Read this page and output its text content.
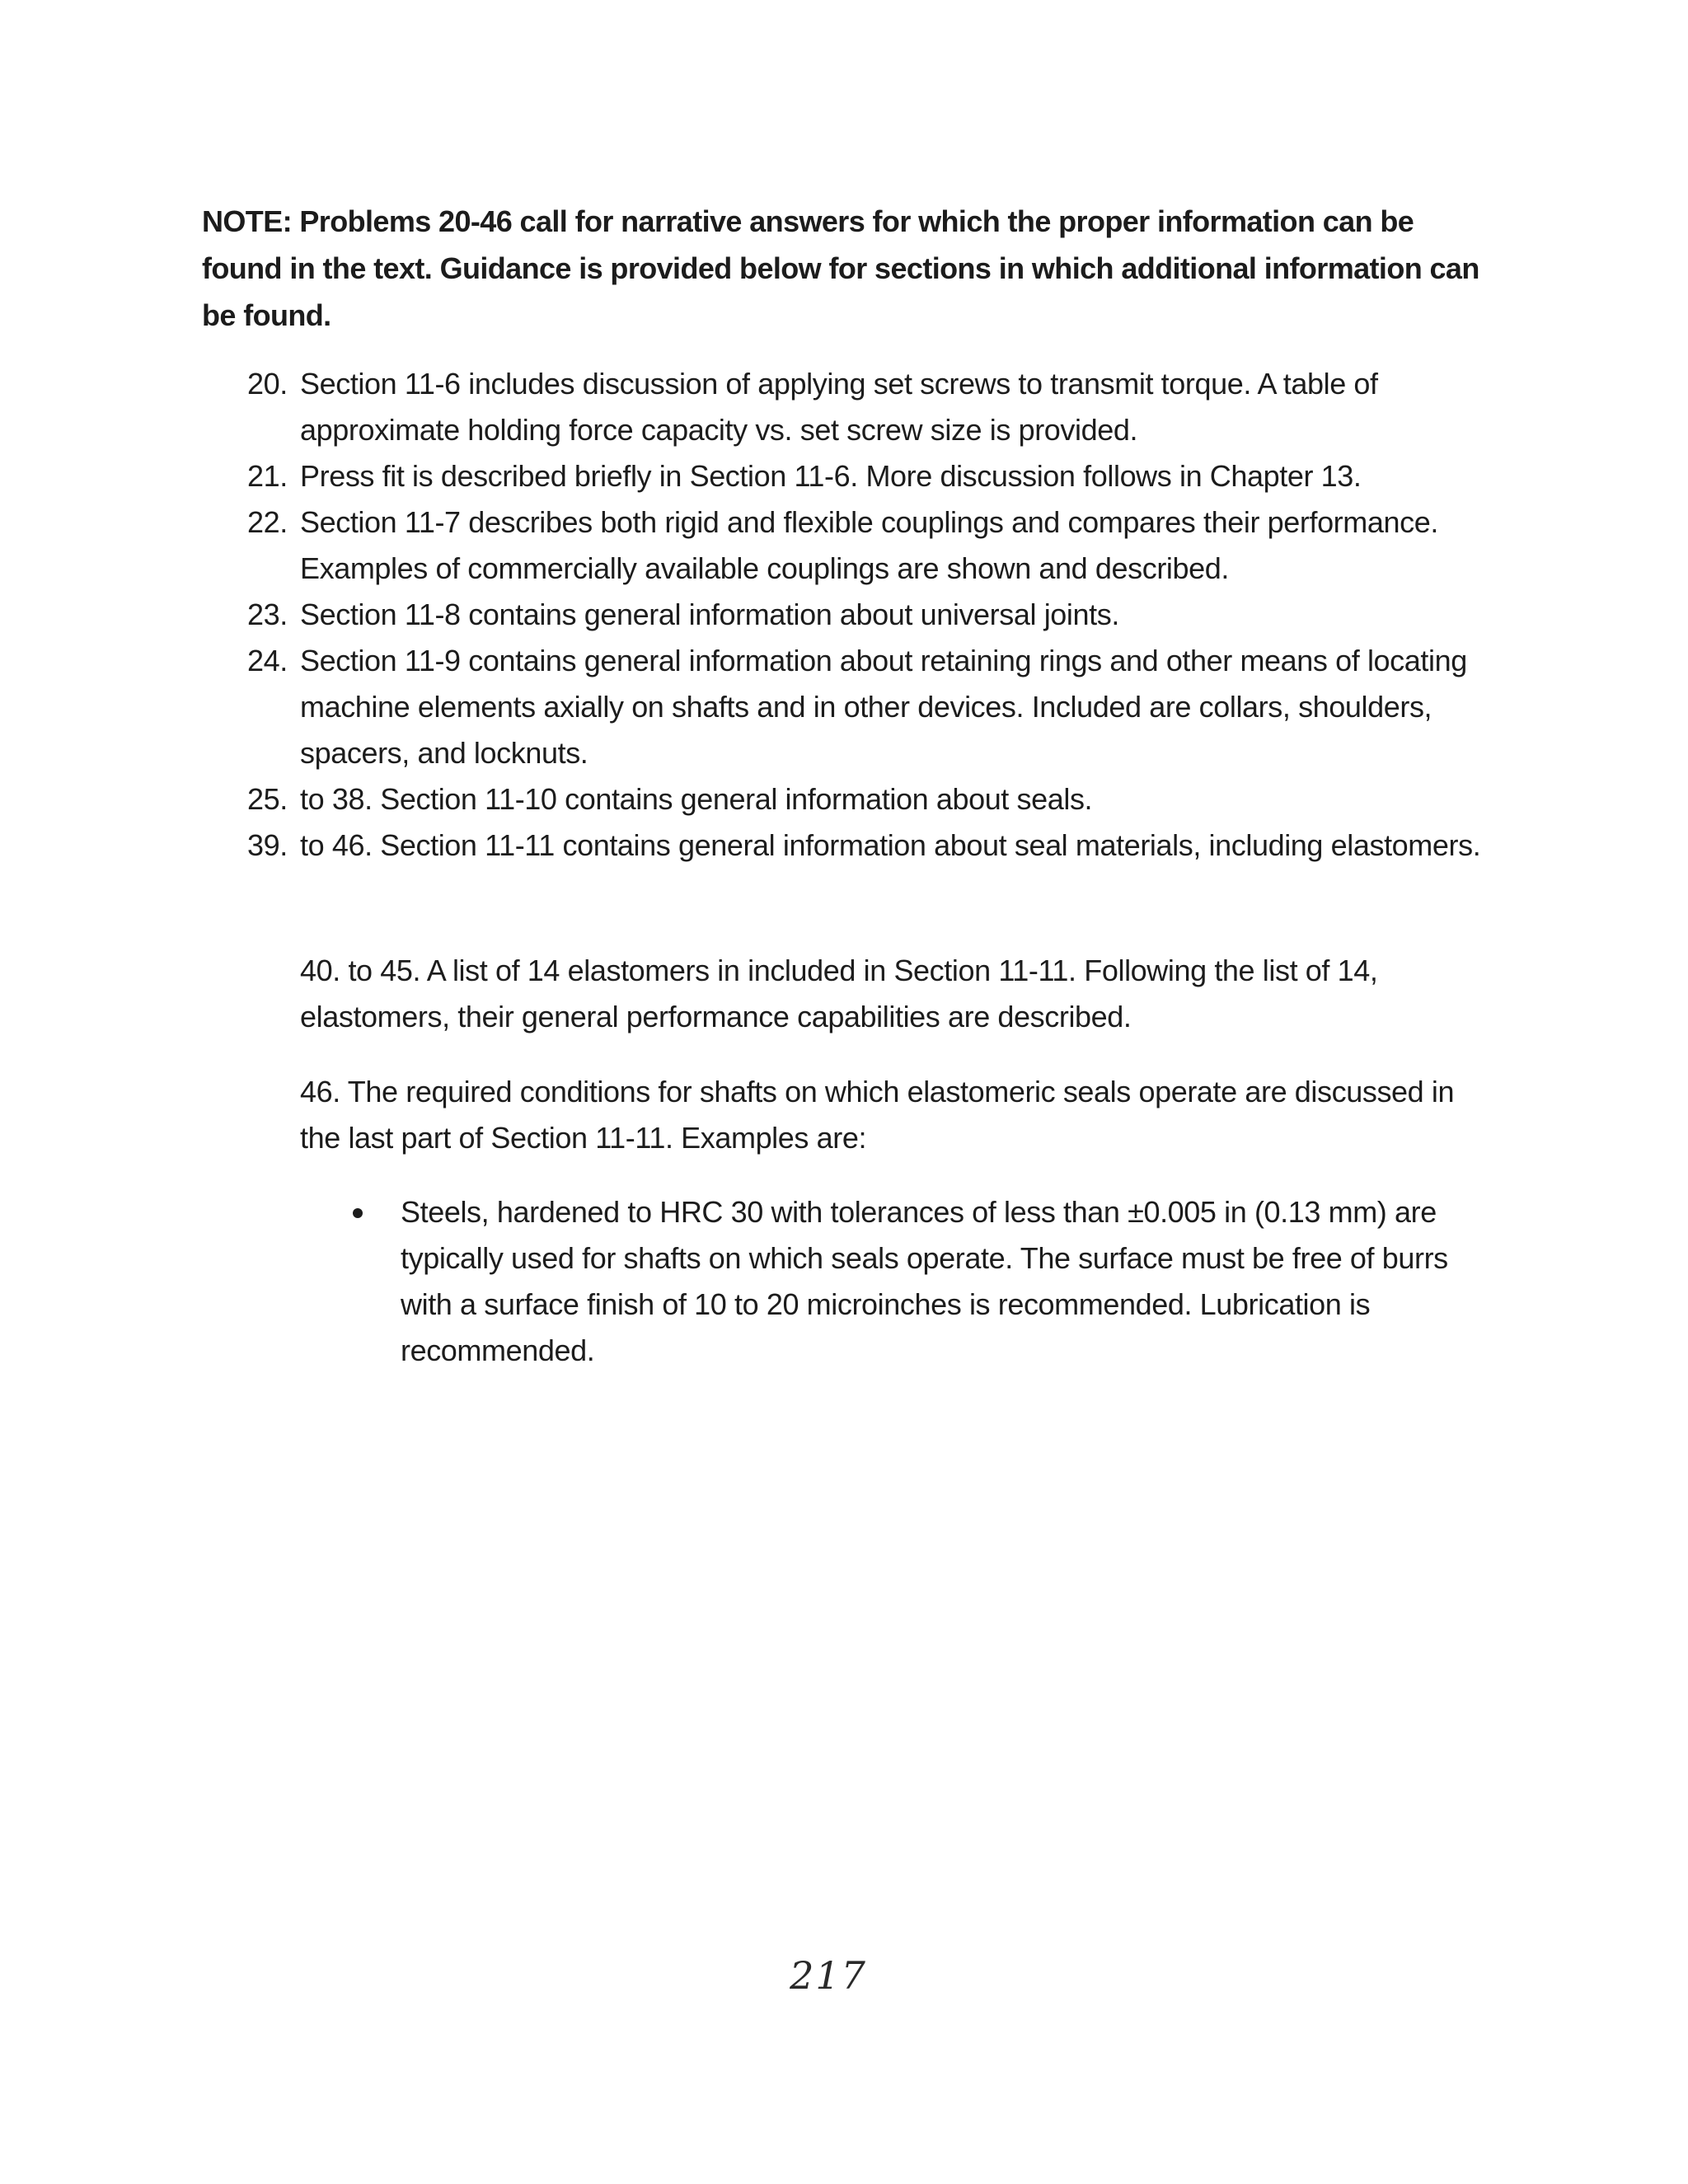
NOTE: Problems 20-46 call for narrative answers for which the proper information can be found in the text. Guidance is provided below for sections in which additional information can be found.

20. Section 11-6 includes discussion of applying set screws to transmit torque. A table of approximate holding force capacity vs. set screw size is provided.
21. Press fit is described briefly in Section 11-6. More discussion follows in Chapter 13.
22. Section 11-7 describes both rigid and flexible couplings and compares their performance. Examples of commercially available couplings are shown and described.
23. Section 11-8 contains general information about universal joints.
24. Section 11-9 contains general information about retaining rings and other means of locating machine elements axially on shafts and in other devices. Included are collars, shoulders, spacers, and locknuts.
25. to 38. Section 11-10 contains general information about seals.
39. to 46. Section 11-11 contains general information about seal materials, including elastomers.

40. to 45. A list of 14 elastomers in included in Section 11-11. Following the list of 14, elastomers, their general performance capabilities are described.

46. The required conditions for shafts on which elastomeric seals operate are discussed in the last part of Section 11-11. Examples are:

Steels, hardened to HRC 30 with tolerances of less than ±0.005 in (0.13 mm) are typically used for shafts on which seals operate. The surface must be free of burrs with a surface finish of 10 to 20 microinches is recommended. Lubrication is recommended.
217
